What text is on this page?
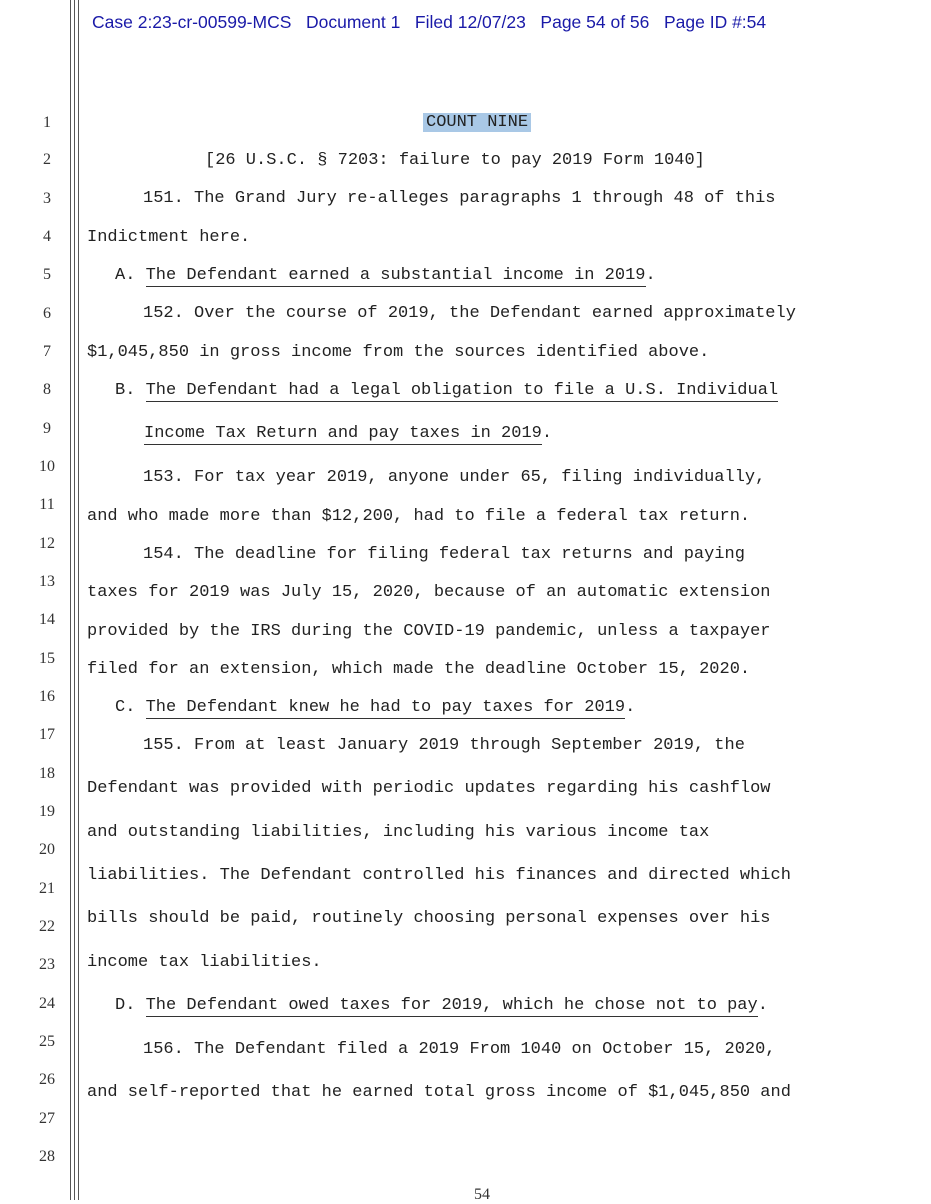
Case 2:23-cr-00599-MCS   Document 1   Filed 12/07/23   Page 54 of 56   Page ID #:54
1
2
3
4
5
6
7
8
9
10
11
12
13
14
15
16
17
18
19
20
21
22
23
24
25
26
27
28
COUNT NINE
[26 U.S.C. § 7203: failure to pay 2019 Form 1040]
151. The Grand Jury re-alleges paragraphs 1 through 48 of this
Indictment here.
A. The Defendant earned a substantial income in 2019.
152. Over the course of 2019, the Defendant earned approximately
$1,045,850 in gross income from the sources identified above.
B. The Defendant had a legal obligation to file a U.S. Individual
Income Tax Return and pay taxes in 2019.
153. For tax year 2019, anyone under 65, filing individually,
and who made more than $12,200, had to file a federal tax return.
154. The deadline for filing federal tax returns and paying
taxes for 2019 was July 15, 2020, because of an automatic extension
provided by the IRS during the COVID-19 pandemic, unless a taxpayer
filed for an extension, which made the deadline October 15, 2020.
C. The Defendant knew he had to pay taxes for 2019.
155. From at least January 2019 through September 2019, the
Defendant was provided with periodic updates regarding his cashflow
and outstanding liabilities, including his various income tax
liabilities. The Defendant controlled his finances and directed which
bills should be paid, routinely choosing personal expenses over his
income tax liabilities.
D. The Defendant owed taxes for 2019, which he chose not to pay.
156. The Defendant filed a 2019 From 1040 on October 15, 2020,
and self-reported that he earned total gross income of $1,045,850 and
54
